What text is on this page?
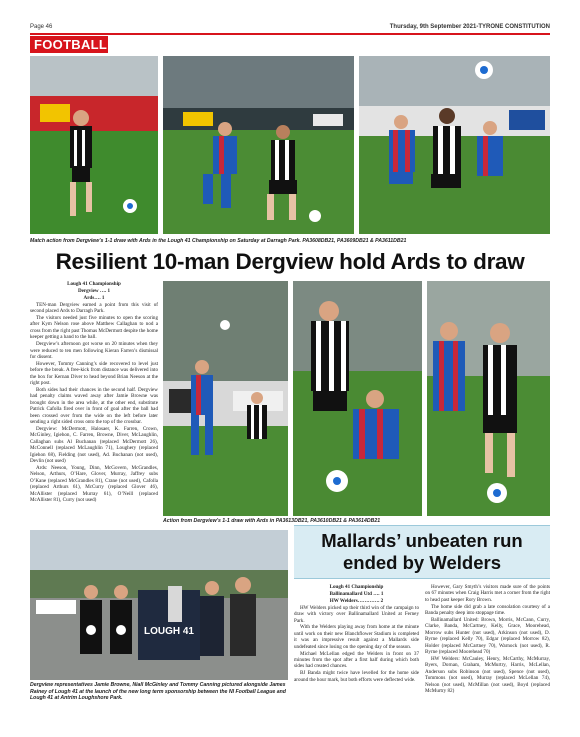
Page 46	Thursday, 9th September 2021-TYRONE CONSTITUTION
FOOTBALL
Match action from Dergview’s 1-1 draw with Ards in the Lough 41 Championship on Saturday at Darragh Park. PA3608DB21, PA3609DB21 & PA3611DB21
Resilient 10-man Dergview hold Ards to draw

Lough 41 Championship

Dergview …. 1

Ards…. 1

TEN-man Dergview earned a point from this visit of second placed Ards to Darragh Park.

The visitors needed just five minutes to open the scoring after Kym Nelson rose above Matthew Callaghan to nod a cross from the right past Thomas McDermott despite the home keeper getting a hand to the ball.

Dergview’s afternoon got worse on 20 minutes when they were reduced to ten men following Kieran Farren’s dismissal for dissent.

However, Tommy Canning’s side recovered to level just before the break. A free-kick from distance was delivered into the box for Kernan Diver to head beyond Brian Neeson at the right post.

Both sides had their chances in the second half. Dergview had penalty claims waved away after Jamie Browne was brought down in the area while, at the other end, substitute Patrick Cafolla fired over in front of goal after the ball had been crossed over from the wide on the left before later sending a right sided cross onto the top of the crossbar.

Dergview: McDermott, Halosaer, K. Farren, Crown, McGinley, Igiehon, C. Farren, Browne, Diver, McLaughlin, Callaghan subs Al Buchanan (replaced McDermott 26), McConnell (replaced McLaughlin 71), Loughery (replaced Igiehon 68), Fielding (not used), Ad. Buchanan (not used), Devlin (not used)

Ards: Neeson, Young, Dinn, McGovern, McGrandles, Nelson, Arthurs, O’Hare, Glover, Murray, Jaffrey subs O’Kane (replaced McGrandles 81), Crane (not used), Cafolla (replaced Arthurs 61), McCurry (replaced Glover 46), McAllister (replaced Murray 61), O’Neill (replaced McAllister 81), Curry (not used)

Action from Dergview’s 1-1 draw with Ards in PA3613DB21, PA3610DB21 & PA3614DB21
LOUGH 41
Dergview representatives Jamie Browne, Niall McGinley and Tommy Canning pictured alongside James Rainey of Lough 41 at the launch of the new long term sponsorship between the NI Football League and Lough 41 at Antrim Loughshore Park.
Mallards’ unbeaten run ended by Welders

Lough 41 Championship

Ballinamallard Utd …. 1

HW Welders…………. 2

HW Welders picked up their third win of the campaign to draw with victory over Ballinamallard United at Ferney Park.

With the Welders playing away from home at the minute until work on their new Blanchflower Stadium is completed it was an impressive result against a Mallards side undefeated since losing on the opening day of the season.

Michael McLellan edged the Welders in front on 37 minutes from the spot after a first half during which both sides had created chances.

BJ Banda might twice have levelled for the home side around the hour mark, but both efforts were deflected wide.

However, Gary Smyth’s visitors made sure of the points on 67 minutes when Craig Harris met a corner from the right to head past keeper Rory Brown.

The home side did grab a late consolation courtesy of a Banda penalty deep into stoppage time.

Ballinamallard United: Brown, Morris, McCann, Curry, Clarke, Banda, McCartney, Kelly, Grace, Moorehead, Morrow subs Hunter (not used), Arkinson (not used), D. Byrne (replaced Kelly 70), Edgar (replaced Morrow 82), Holder (replaced McCartney 70), Warnock (not used), R. Byrne (replaced Moorehead 70)

HW Welders: McCauley, Henry, McCarthy, McMurray, Byers, Dornan, Graham, McMurtry, Harris, McLellan, Anderson subs Robinson (not used), Spence (not used), Tommons (not used), Murray (replaced McLellan 74), Nelson (not used), McMillan (not used), Boyd (replaced McMurtry 82)
